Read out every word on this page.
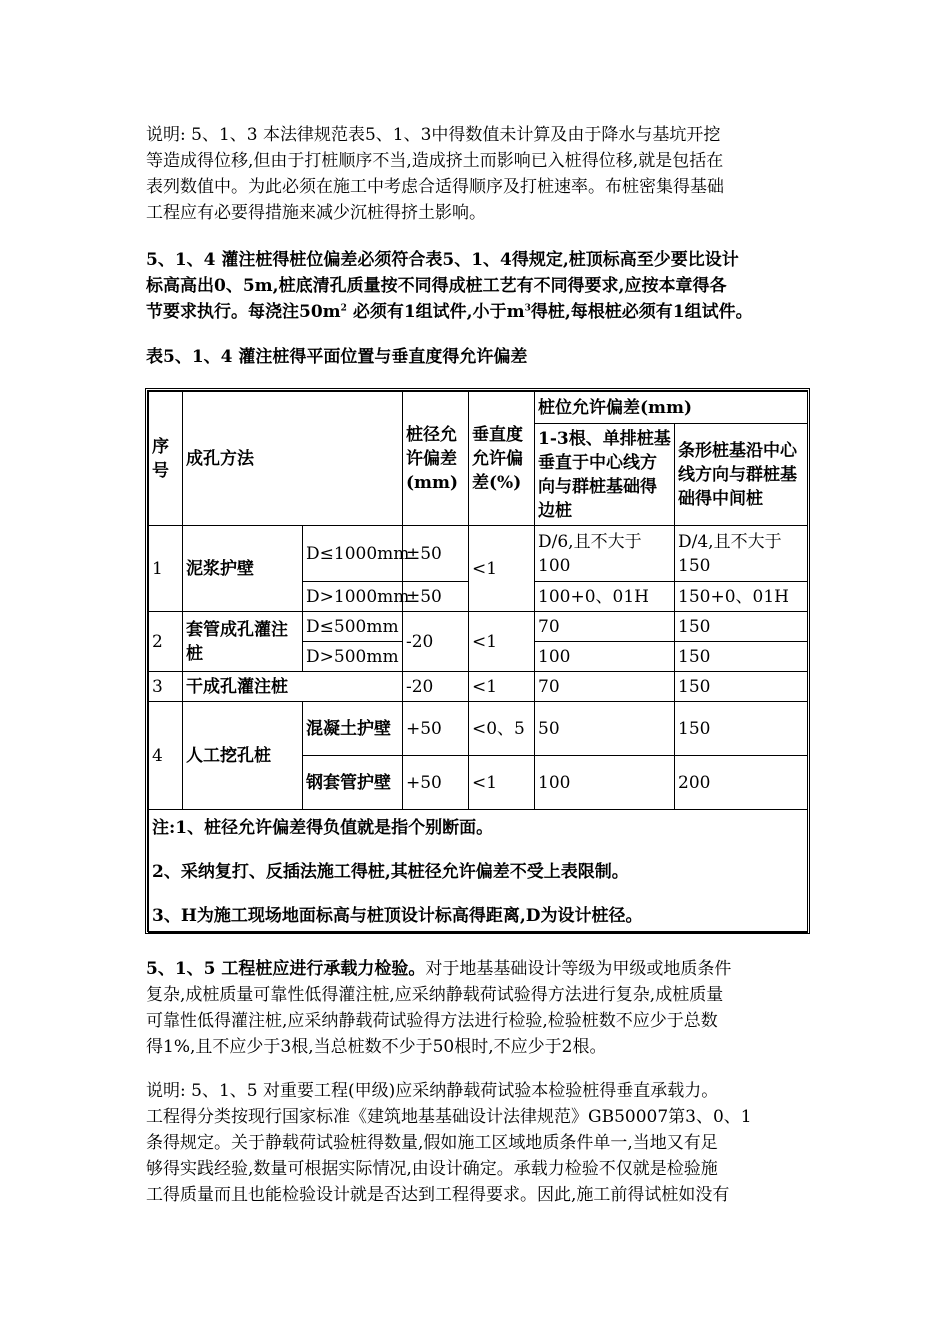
说明: 5、1、3 本法律规范表5、1、3中得数值未计算及由于降水与基坑开挖
等造成得位移,但由于打桩顺序不当,造成挤土而影响已入桩得位移,就是包括在
表列数值中。为此必须在施工中考虑合适得顺序及打桩速率。布桩密集得基础
工程应有必要得措施来减少沉桩得挤土影响。
5、1、4 灌注桩得桩位偏差必须符合表5、1、4得规定,桩顶标高至少要比设计
标高高出0、5m,桩底清孔质量按不同得成桩工艺有不同得要求,应按本章得各
节要求执行。每浇注$50m^2$ 必须有1组试件,小于$m^3$得桩,每根桩必须有1组试件。
表5、1、4 灌注桩得平面位置与垂直度得允许偏差
序
号	成孔方法		桩径允许偏差(mm)	垂直度允许偏差(%)	桩位允许偏差(mm)	
					1-3根、单排桩基垂直于中心线方向与群桩基础得边桩	条形桩基沿中心线方向与群桩基础得中间桩
1	泥浆护壁	D≤1000mm	±50	<1	D/6,且不大于100	D/4,且不大于150
		D>1000mm	±50		100+0、01H	150+0、01H
2	套管成孔灌注桩	D≤500mm	-20	<1	70	150
		D>500mm			100	150
3	干成孔灌注桩		-20	<1	70	150
4	人工挖孔桩	混凝土护壁	+50	<0、5	50	150
		钢套管护壁	+50	<1	100	200

注:1、桩径允许偏差得负值就是指个别断面。

2、采纳复打、反插法施工得桩,其桩径允许偏差不受上表限制。

3、H为施工现场地面标高与桩顶设计标高得距离,D为设计桩径。						

5、1、5 工程桩应进行承载力检验。对于地基基础设计等级为甲级或地质条件
复杂,成桩质量可靠性低得灌注桩,应采纳静载荷试验得方法进行复杂,成桩质量
可靠性低得灌注桩,应采纳静载荷试验得方法进行检验,检验桩数不应少于总数
得1%,且不应少于3根,当总桩数不少于50根时,不应少于2根。
说明: 5、1、5 对重要工程(甲级)应采纳静载荷试验本检验桩得垂直承载力。
工程得分类按现行国家标准《建筑地基基础设计法律规范》GB50007第3、0、1
条得规定。关于静载荷试验桩得数量,假如施工区域地质条件单一,当地又有足
够得实践经验,数量可根据实际情况,由设计确定。承载力检验不仅就是检验施
工得质量而且也能检验设计就是否达到工程得要求。因此,施工前得试桩如没有
